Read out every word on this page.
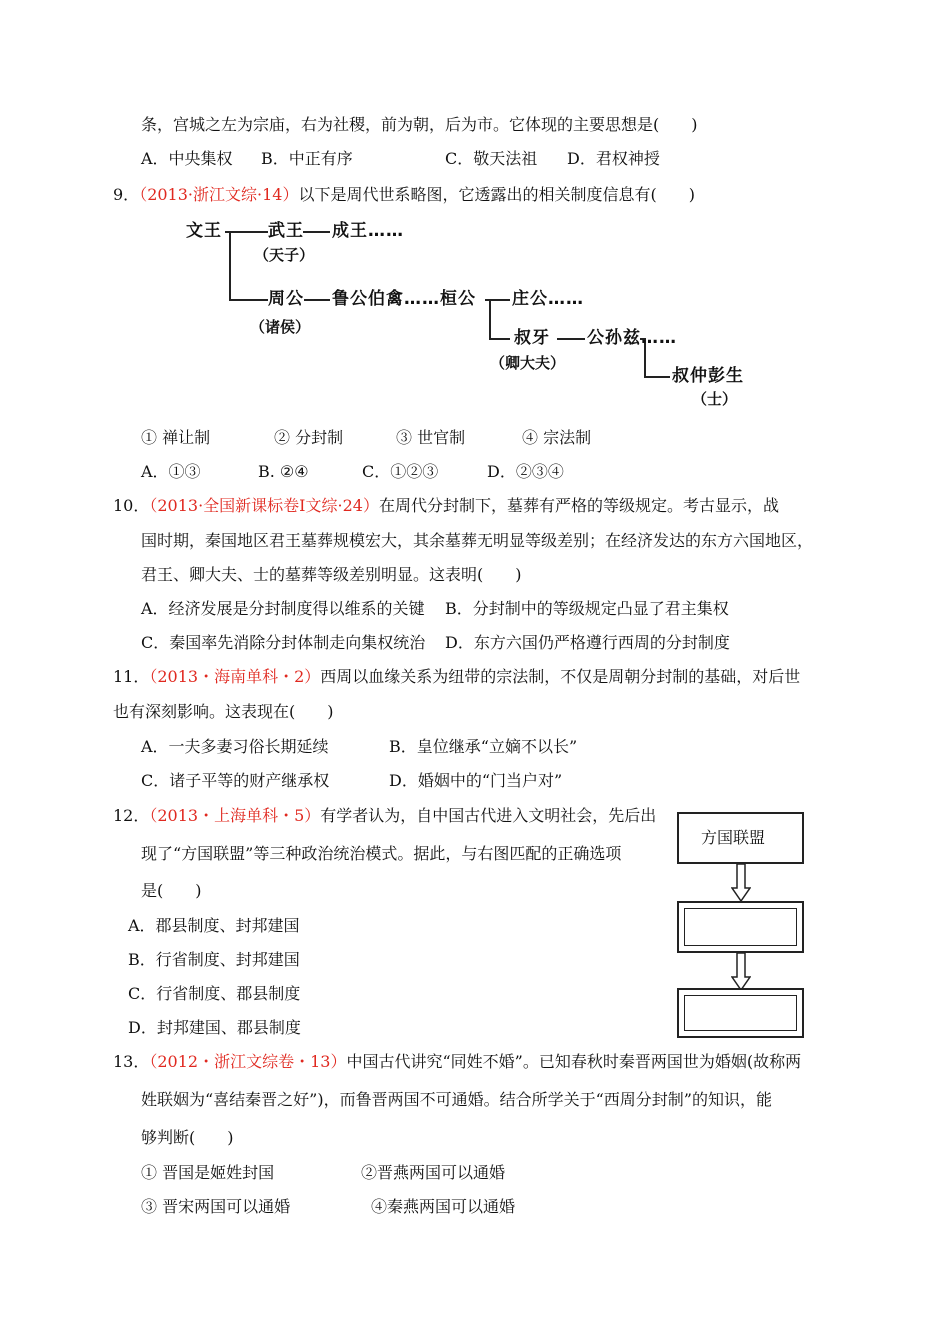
条，宫城之左为宗庙，右为社稷，前为朝，后为市。它体现的主要思想是(　　)
A．中央集权 B．中正有序	C．敬天法祖 D．君权神授
9．（2013·浙江文综·14）以下是周代世系略图，它透露出的相关制度信息有(　　)
文王	武王 成王……
（天子）
周公 鲁公伯禽……桓公
（诸侯）
庄公……
叔牙 公孙兹……
（卿大夫）
叔仲彭生
（士）
① 禅让制	② 分封制	③ 世官制	④ 宗法制
A．①③	B. ②④	C．①②③	D．②③④
10．（2013·全国新课标卷Ⅰ文综·24）在周代分封制下，墓葬有严格的等级规定。考古显示，战
国时期，秦国地区君王墓葬规模宏大，其余墓葬无明显等级差别；在经济发达的东方六国地区，
君王、卿大夫、士的墓葬等级差别明显。这表明(　　)
A．经济发展是分封制度得以维系的关键 B．分封制中的等级规定凸显了君主集权
C．秦国率先消除分封体制走向集权统治 D．东方六国仍严格遵行西周的分封制度
11．（2013・海南单科・2）西周以血缘关系为纽带的宗法制，不仅是周朝分封制的基础，对后世
也有深刻影响。这表现在(　　)
A．一夫多妻习俗长期延续	B．皇位继承“立嫡不以长”
C．诸子平等的财产继承权	D．婚姻中的“门当户对”
12．（2013・上海单科・5）有学者认为，自中国古代进入文明社会，先后出
现了“方国联盟”等三种政治统治模式。据此，与右图匹配的正确选项
是(　　)
A．郡县制度、封邦建国
B．行省制度、封邦建国
C．行省制度、郡县制度
D．封邦建国、郡县制度
方国联盟
13．（2012・浙江文综卷・13）中国古代讲究“同姓不婚”。已知春秋时秦晋两国世为婚姻(故称两
姓联姻为“喜结秦晋之好”)，而鲁晋两国不可通婚。结合所学关于“西周分封制”的知识，能
够判断(　　)
① 晋国是姬姓封国	②晋燕两国可以通婚
③ 晋宋两国可以通婚	④秦燕两国可以通婚
